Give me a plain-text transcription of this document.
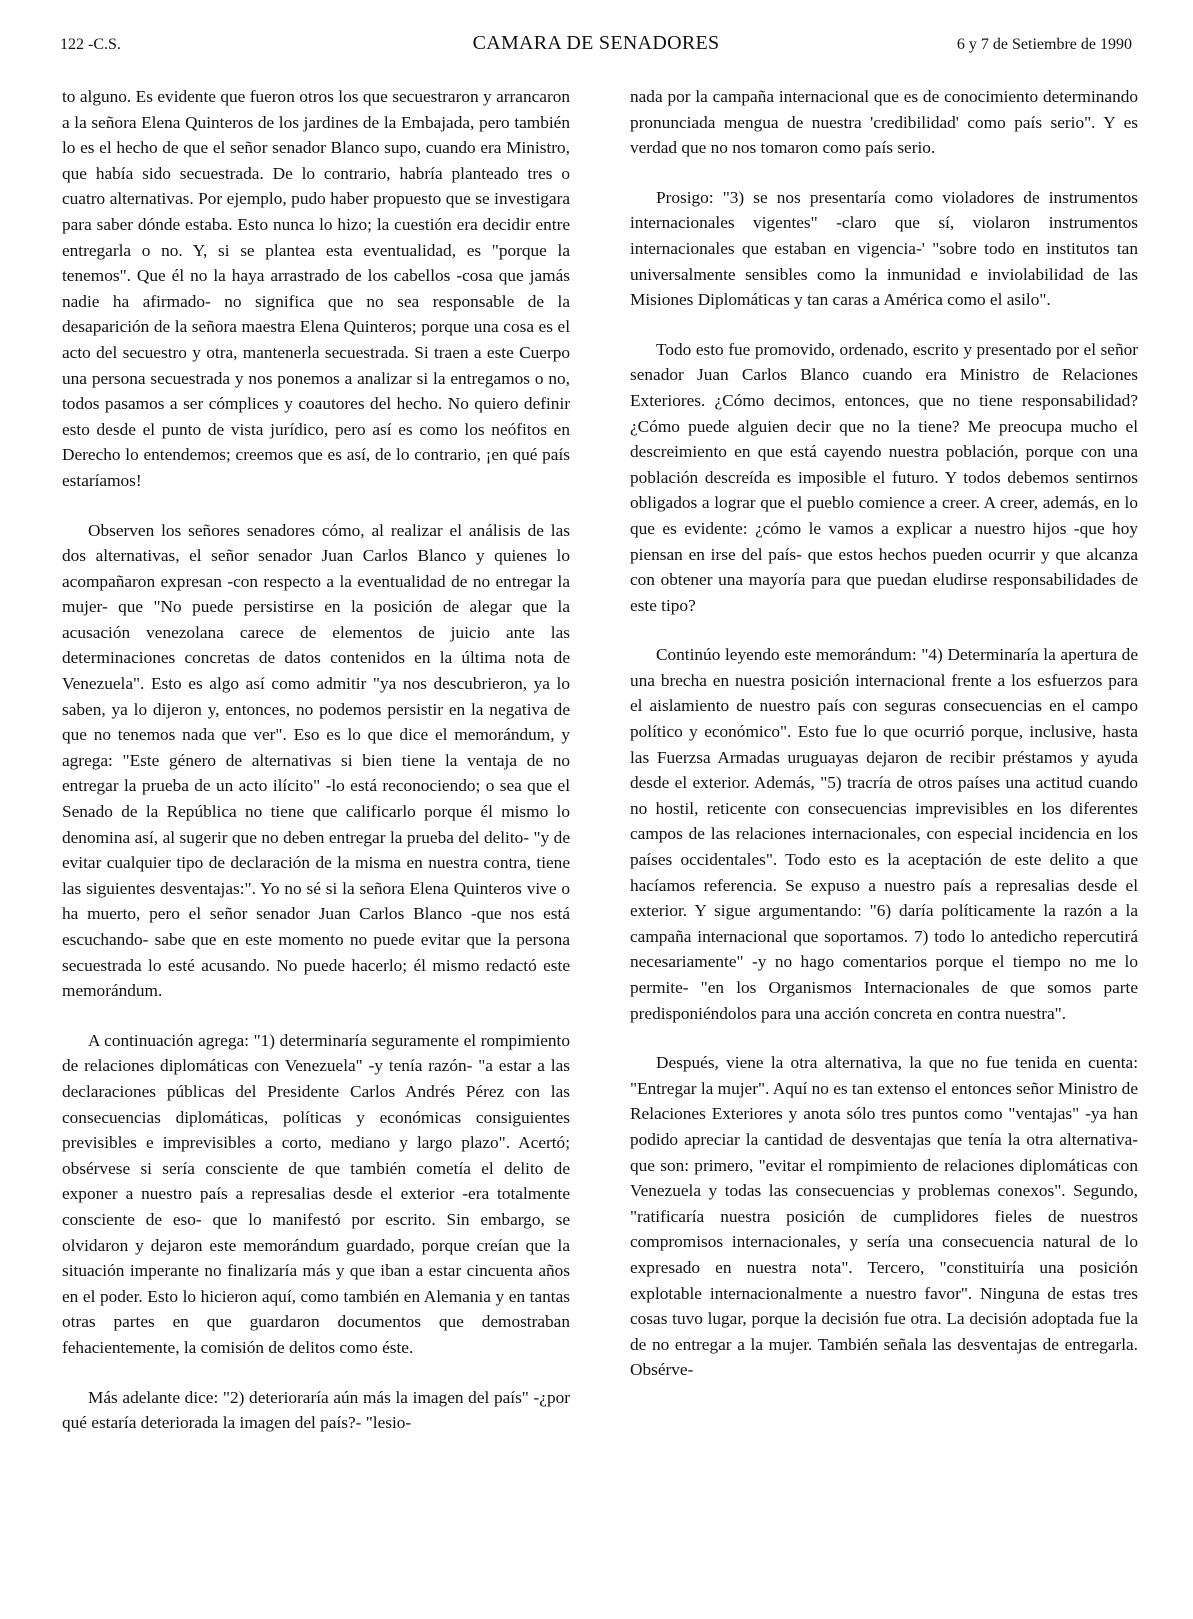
122 -C.S.	CAMARA DE SENADORES	6 y 7 de Setiembre de 1990

to alguno. Es evidente que fueron otros los que secuestraron y arrancaron a la señora Elena Quinteros de los jardines de la Embajada, pero también lo es el hecho de que el señor senador Blanco supo, cuando era Ministro, que había sido secuestrada. De lo contrario, habría planteado tres o cuatro alternativas. Por ejemplo, pudo haber propuesto que se investigara para saber dónde estaba. Esto nunca lo hizo; la cuestión era decidir entre entregarla o no. Y, si se plantea esta eventualidad, es "porque la tenemos". Que él no la haya arrastrado de los cabellos -cosa que jamás nadie ha afirmado- no significa que no sea responsable de la desaparición de la señora maestra Elena Quinteros; porque una cosa es el acto del secuestro y otra, mantenerla secuestrada. Si traen a este Cuerpo una persona secuestrada y nos ponemos a analizar si la entregamos o no, todos pasamos a ser cómplices y coautores del hecho. No quiero definir esto desde el punto de vista jurídico, pero así es como los neófitos en Derecho lo entendemos; creemos que es así, de lo contrario, ¡en qué país estaríamos!

Observen los señores senadores cómo, al realizar el análisis de las dos alternativas, el señor senador Juan Carlos Blanco y quienes lo acompañaron expresan -con respecto a la eventualidad de no entregar la mujer- que "No puede persistirse en la posición de alegar que la acusación venezolana carece de elementos de juicio ante las determinaciones concretas de datos contenidos en la última nota de Venezuela". Esto es algo así como admitir "ya nos descubrieron, ya lo saben, ya lo dijeron y, entonces, no podemos persistir en la negativa de que no tenemos nada que ver". Eso es lo que dice el memorándum, y agrega: "Este género de alternativas si bien tiene la ventaja de no entregar la prueba de un acto ilícito" -lo está reconociendo; o sea que el Senado de la República no tiene que calificarlo porque él mismo lo denomina así, al sugerir que no deben entregar la prueba del delito- "y de evitar cualquier tipo de declaración de la misma en nuestra contra, tiene las siguientes desventajas:". Yo no sé si la señora Elena Quinteros vive o ha muerto, pero el señor senador Juan Carlos Blanco -que nos está escuchando- sabe que en este momento no puede evitar que la persona secuestrada lo esté acusando. No puede hacerlo; él mismo redactó este memorándum.

A continuación agrega: "1) determinaría seguramente el rompimiento de relaciones diplomáticas con Venezuela" -y tenía razón- "a estar a las declaraciones públicas del Presidente Carlos Andrés Pérez con las consecuencias diplomáticas, políticas y económicas consiguientes previsibles e imprevisibles a corto, mediano y largo plazo". Acertó; obsérvese si sería consciente de que también cometía el delito de exponer a nuestro país a represalias desde el exterior -era totalmente consciente de eso- que lo manifestó por escrito. Sin embargo, se olvidaron y dejaron este memorándum guardado, porque creían que la situación imperante no finalizaría más y que iban a estar cincuenta años en el poder. Esto lo hicieron aquí, como también en Alemania y en tantas otras partes en que guardaron documentos que demostraban fehacientemente, la comisión de delitos como éste.

Más adelante dice: "2) deterioraría aún más la imagen del país" -¿por qué estaría deteriorada la imagen del país?- "lesio-

nada por la campaña internacional que es de conocimiento determinando pronunciada mengua de nuestra 'credibilidad' como país serio". Y es verdad que no nos tomaron como país serio.

Prosigo: "3) se nos presentaría como violadores de instrumentos internacionales vigentes" -claro que sí, violaron instrumentos internacionales que estaban en vigencia-' "sobre todo en institutos tan universalmente sensibles como la inmunidad e inviolabilidad de las Misiones Diplomáticas y tan caras a América como el asilo".

Todo esto fue promovido, ordenado, escrito y presentado por el señor senador Juan Carlos Blanco cuando era Ministro de Relaciones Exteriores. ¿Cómo decimos, entonces, que no tiene responsabilidad? ¿Cómo puede alguien decir que no la tiene? Me preocupa mucho el descreimiento en que está cayendo nuestra población, porque con una población descreída es imposible el futuro. Y todos debemos sentirnos obligados a lograr que el pueblo comience a creer. A creer, además, en lo que es evidente: ¿cómo le vamos a explicar a nuestro hijos -que hoy piensan en irse del país- que estos hechos pueden ocurrir y que alcanza con obtener una mayoría para que puedan eludirse responsabilidades de este tipo?

Continúo leyendo este memorándum: "4) Determinaría la apertura de una brecha en nuestra posición internacional frente a los esfuerzos para el aislamiento de nuestro país con seguras consecuencias en el campo político y económico". Esto fue lo que ocurrió porque, inclusive, hasta las Fuerzsa Armadas uruguayas dejaron de recibir préstamos y ayuda desde el exterior. Además, "5) tracría de otros países una actitud cuando no hostil, reticente con consecuencias imprevisibles en los diferentes campos de las relaciones internacionales, con especial incidencia en los países occidentales". Todo esto es la aceptación de este delito a que hacíamos referencia. Se expuso a nuestro país a represalias desde el exterior. Y sigue argumentando: "6) daría políticamente la razón a la campaña internacional que soportamos. 7) todo lo antedicho repercutirá necesariamente" -y no hago comentarios porque el tiempo no me lo permite- "en los Organismos Internacionales de que somos parte predisponiéndolos para una acción concreta en contra nuestra".

Después, viene la otra alternativa, la que no fue tenida en cuenta: "Entregar la mujer". Aquí no es tan extenso el entonces señor Ministro de Relaciones Exteriores y anota sólo tres puntos como "ventajas" -ya han podido apreciar la cantidad de desventajas que tenía la otra alternativa- que son: primero, "evitar el rompimiento de relaciones diplomáticas con Venezuela y todas las consecuencias y problemas conexos". Segundo, "ratificaría nuestra posición de cumplidores fieles de nuestros compromisos internacionales, y sería una consecuencia natural de lo expresado en nuestra nota". Tercero, "constituiría una posición explotable internacionalmente a nuestro favor". Ninguna de estas tres cosas tuvo lugar, porque la decisión fue otra. La decisión adoptada fue la de no entregar a la mujer. También señala las desventajas de entregarla. Obsérve-
